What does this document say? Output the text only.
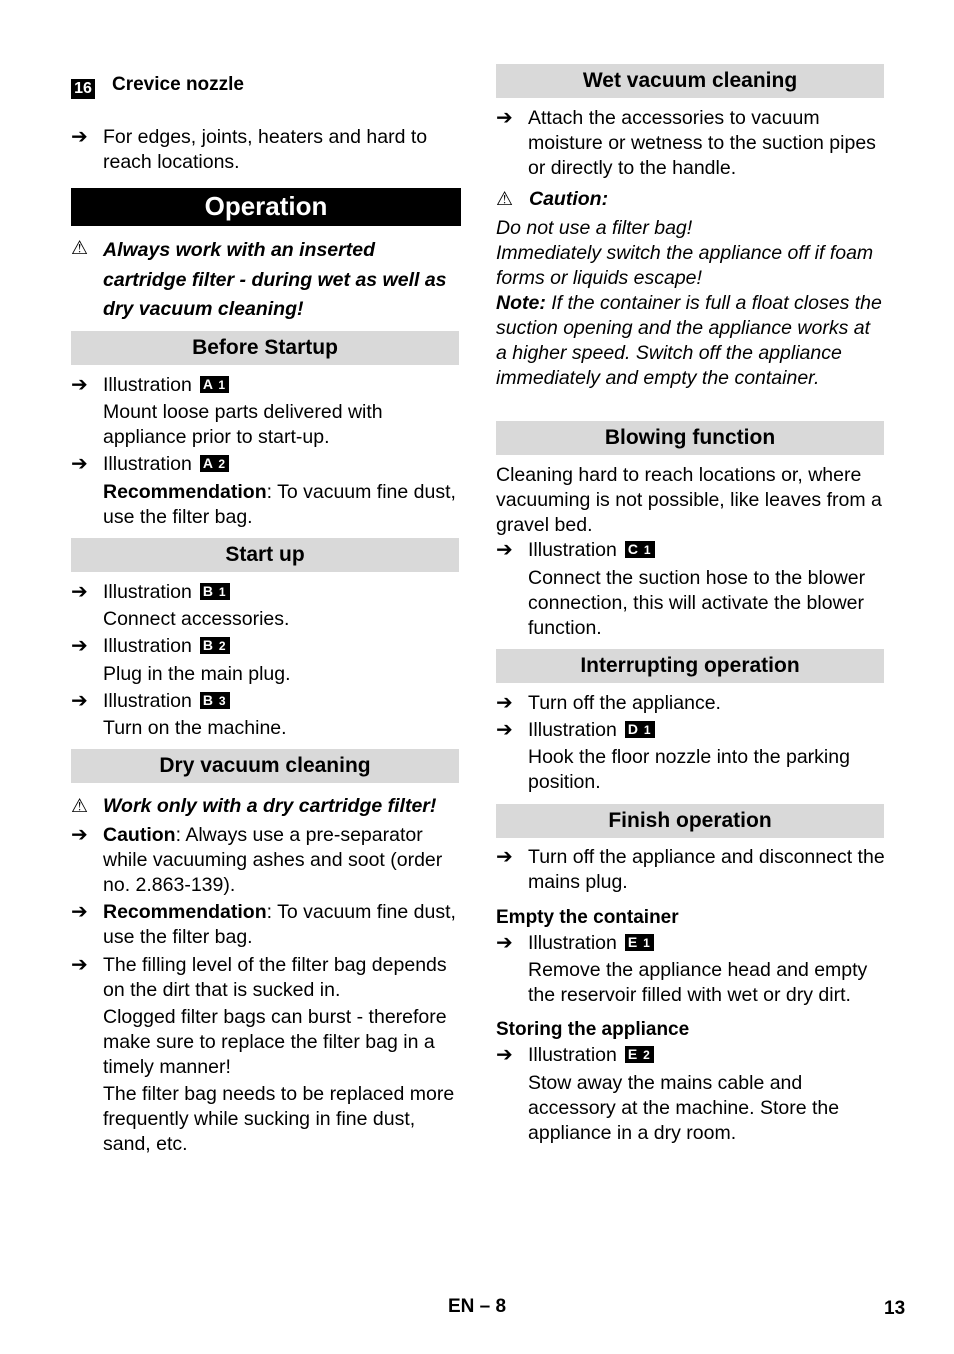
16 Crevice nozzle
➔ For edges, joints, heaters and hard to reach locations.

Operation
⚠ Always work with an inserted cartridge filter - during wet as well as dry vacuum cleaning!

Before Startup
➔ Illustration A 1

Mount loose parts delivered with appliance prior to start-up.

➔ Illustration A 2

Recommendation: To vacuum fine dust, use the filter bag.

Start up
➔ Illustration B 1

Connect accessories.

➔ Illustration B 2

Plug in the main plug.

➔ Illustration B 3

Turn on the machine.

Dry vacuum cleaning
⚠ Work only with a dry cartridge filter!

➔ Caution: Always use a pre-separator while vacuuming ashes and soot (order no. 2.863-139).

➔ Recommendation: To vacuum fine dust, use the filter bag.

➔ The filling level of the filter bag depends on the dirt that is sucked in.

Clogged filter bags can burst - therefore make sure to replace the filter bag in a timely manner!

The filter bag needs to be replaced more frequently while sucking in fine dust, sand, etc.

Wet vacuum cleaning
➔ Attach the accessories to vacuum moisture or wetness to the suction pipes or directly to the handle.

⚠ Caution:

Do not use a filter bag!

Immediately switch the appliance off if foam forms or liquids escape!

Note: If the container is full a float closes the suction opening and the appliance works at a higher speed. Switch off the appliance immediately and empty the container.

Blowing function

Cleaning hard to reach locations or, where vacuuming is not possible, like leaves from a gravel bed.

➔ Illustration C 1

Connect the suction hose to the blower connection, this will activate the blower function.

Interrupting operation
➔ Turn off the appliance.

➔ Illustration D 1

Hook the floor nozzle into the parking position.

Finish operation
➔ Turn off the appliance and disconnect the mains plug.

Empty the container
➔ Illustration E 1

Remove the appliance head and empty the reservoir filled with wet or dry dirt.

Storing the appliance
➔ Illustration E 2

Stow away the mains cable and accessory at the machine. Store the appliance in a dry room.

EN – 8	13
